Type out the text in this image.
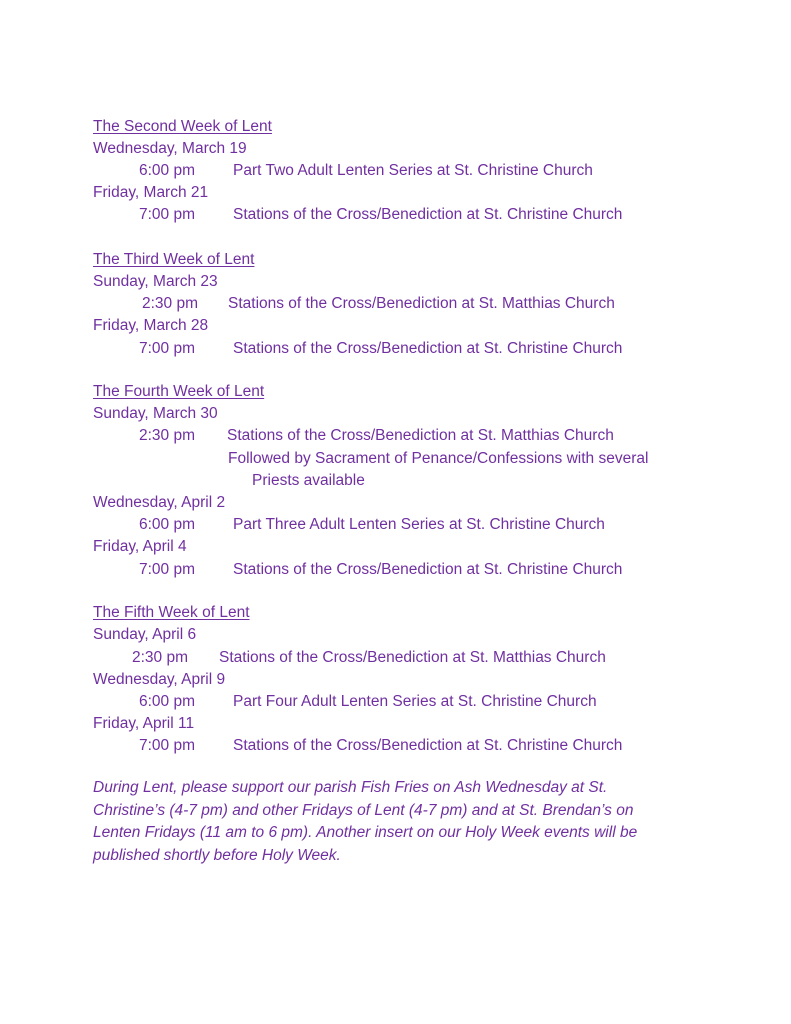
The Second Week of Lent
Wednesday, March 19
6:00 pm Part Two Adult Lenten Series at St. Christine Church
Friday, March 21
7:00 pm Stations of the Cross/Benediction at St. Christine Church
The Third Week of Lent
Sunday, March 23
2:30 pm Stations of the Cross/Benediction at St. Matthias Church
Friday, March 28
7:00 pm Stations of the Cross/Benediction at St. Christine Church
The Fourth Week of Lent
Sunday, March 30
2:30 pm Stations of the Cross/Benediction at St. Matthias Church
Followed by Sacrament of Penance/Confessions with several
Priests available
Wednesday, April 2
6:00 pm Part Three Adult Lenten Series at St. Christine Church
Friday, April 4
7:00 pm Stations of the Cross/Benediction at St. Christine Church
The Fifth Week of Lent
Sunday, April 6
2:30 pm Stations of the Cross/Benediction at St. Matthias Church
Wednesday, April 9
6:00 pm Part Four Adult Lenten Series at St. Christine Church
Friday, April 11
7:00 pm Stations of the Cross/Benediction at St. Christine Church
During Lent, please support our parish Fish Fries on Ash Wednesday at St.
Christine’s (4-7 pm) and other Fridays of Lent (4-7 pm) and at St. Brendan’s on
Lenten Fridays (11 am to 6 pm). Another insert on our Holy Week events will be
published shortly before Holy Week.
